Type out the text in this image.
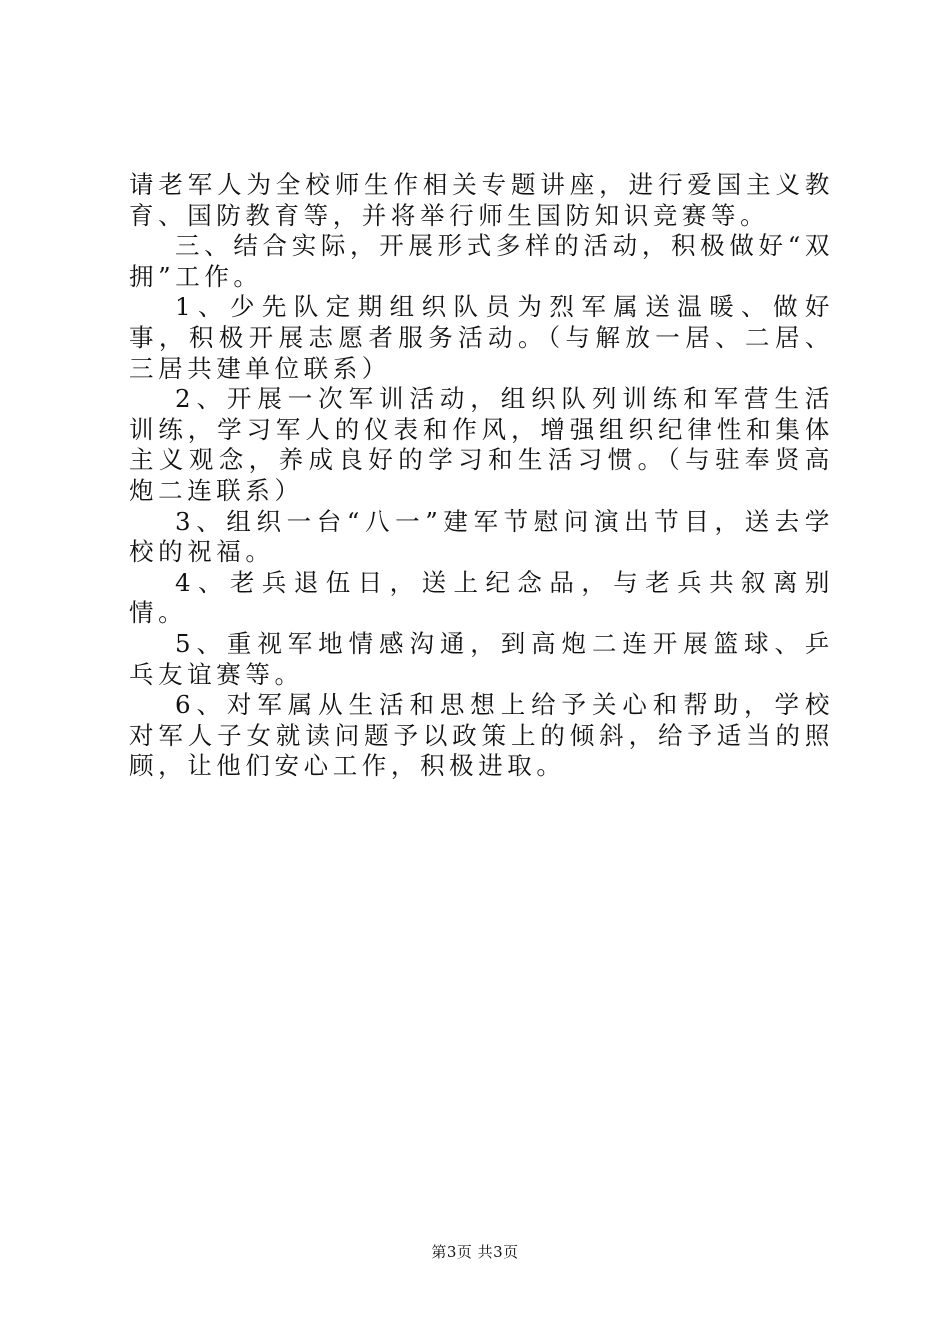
请老军人为全校师生作相关专题讲座，进行爱国主义教育、国防教育等，并将举行师生国防知识竞赛等。

三、结合实际，开展形式多样的活动，积极做好“双拥”工作。

1、少先队定期组织队员为烈军属送温暖、做好事，积极开展志愿者服务活动。（与解放一居、二居、三居共建单位联系）

2、开展一次军训活动，组织队列训练和军营生活训练，学习军人的仪表和作风，增强组织纪律性和集体主义观念，养成良好的学习和生活习惯。（与驻奉贤高炮二连联系）

3、组织一台“八一”建军节慰问演出节目，送去学校的祝福。

4、老兵退伍日，送上纪念品，与老兵共叙离别情。

5、重视军地情感沟通，到高炮二连开展篮球、乒乓友谊赛等。

6、对军属从生活和思想上给予关心和帮助，学校对军人子女就读问题予以政策上的倾斜，给予适当的照顾，让他们安心工作，积极进取。

第3页 共3页
